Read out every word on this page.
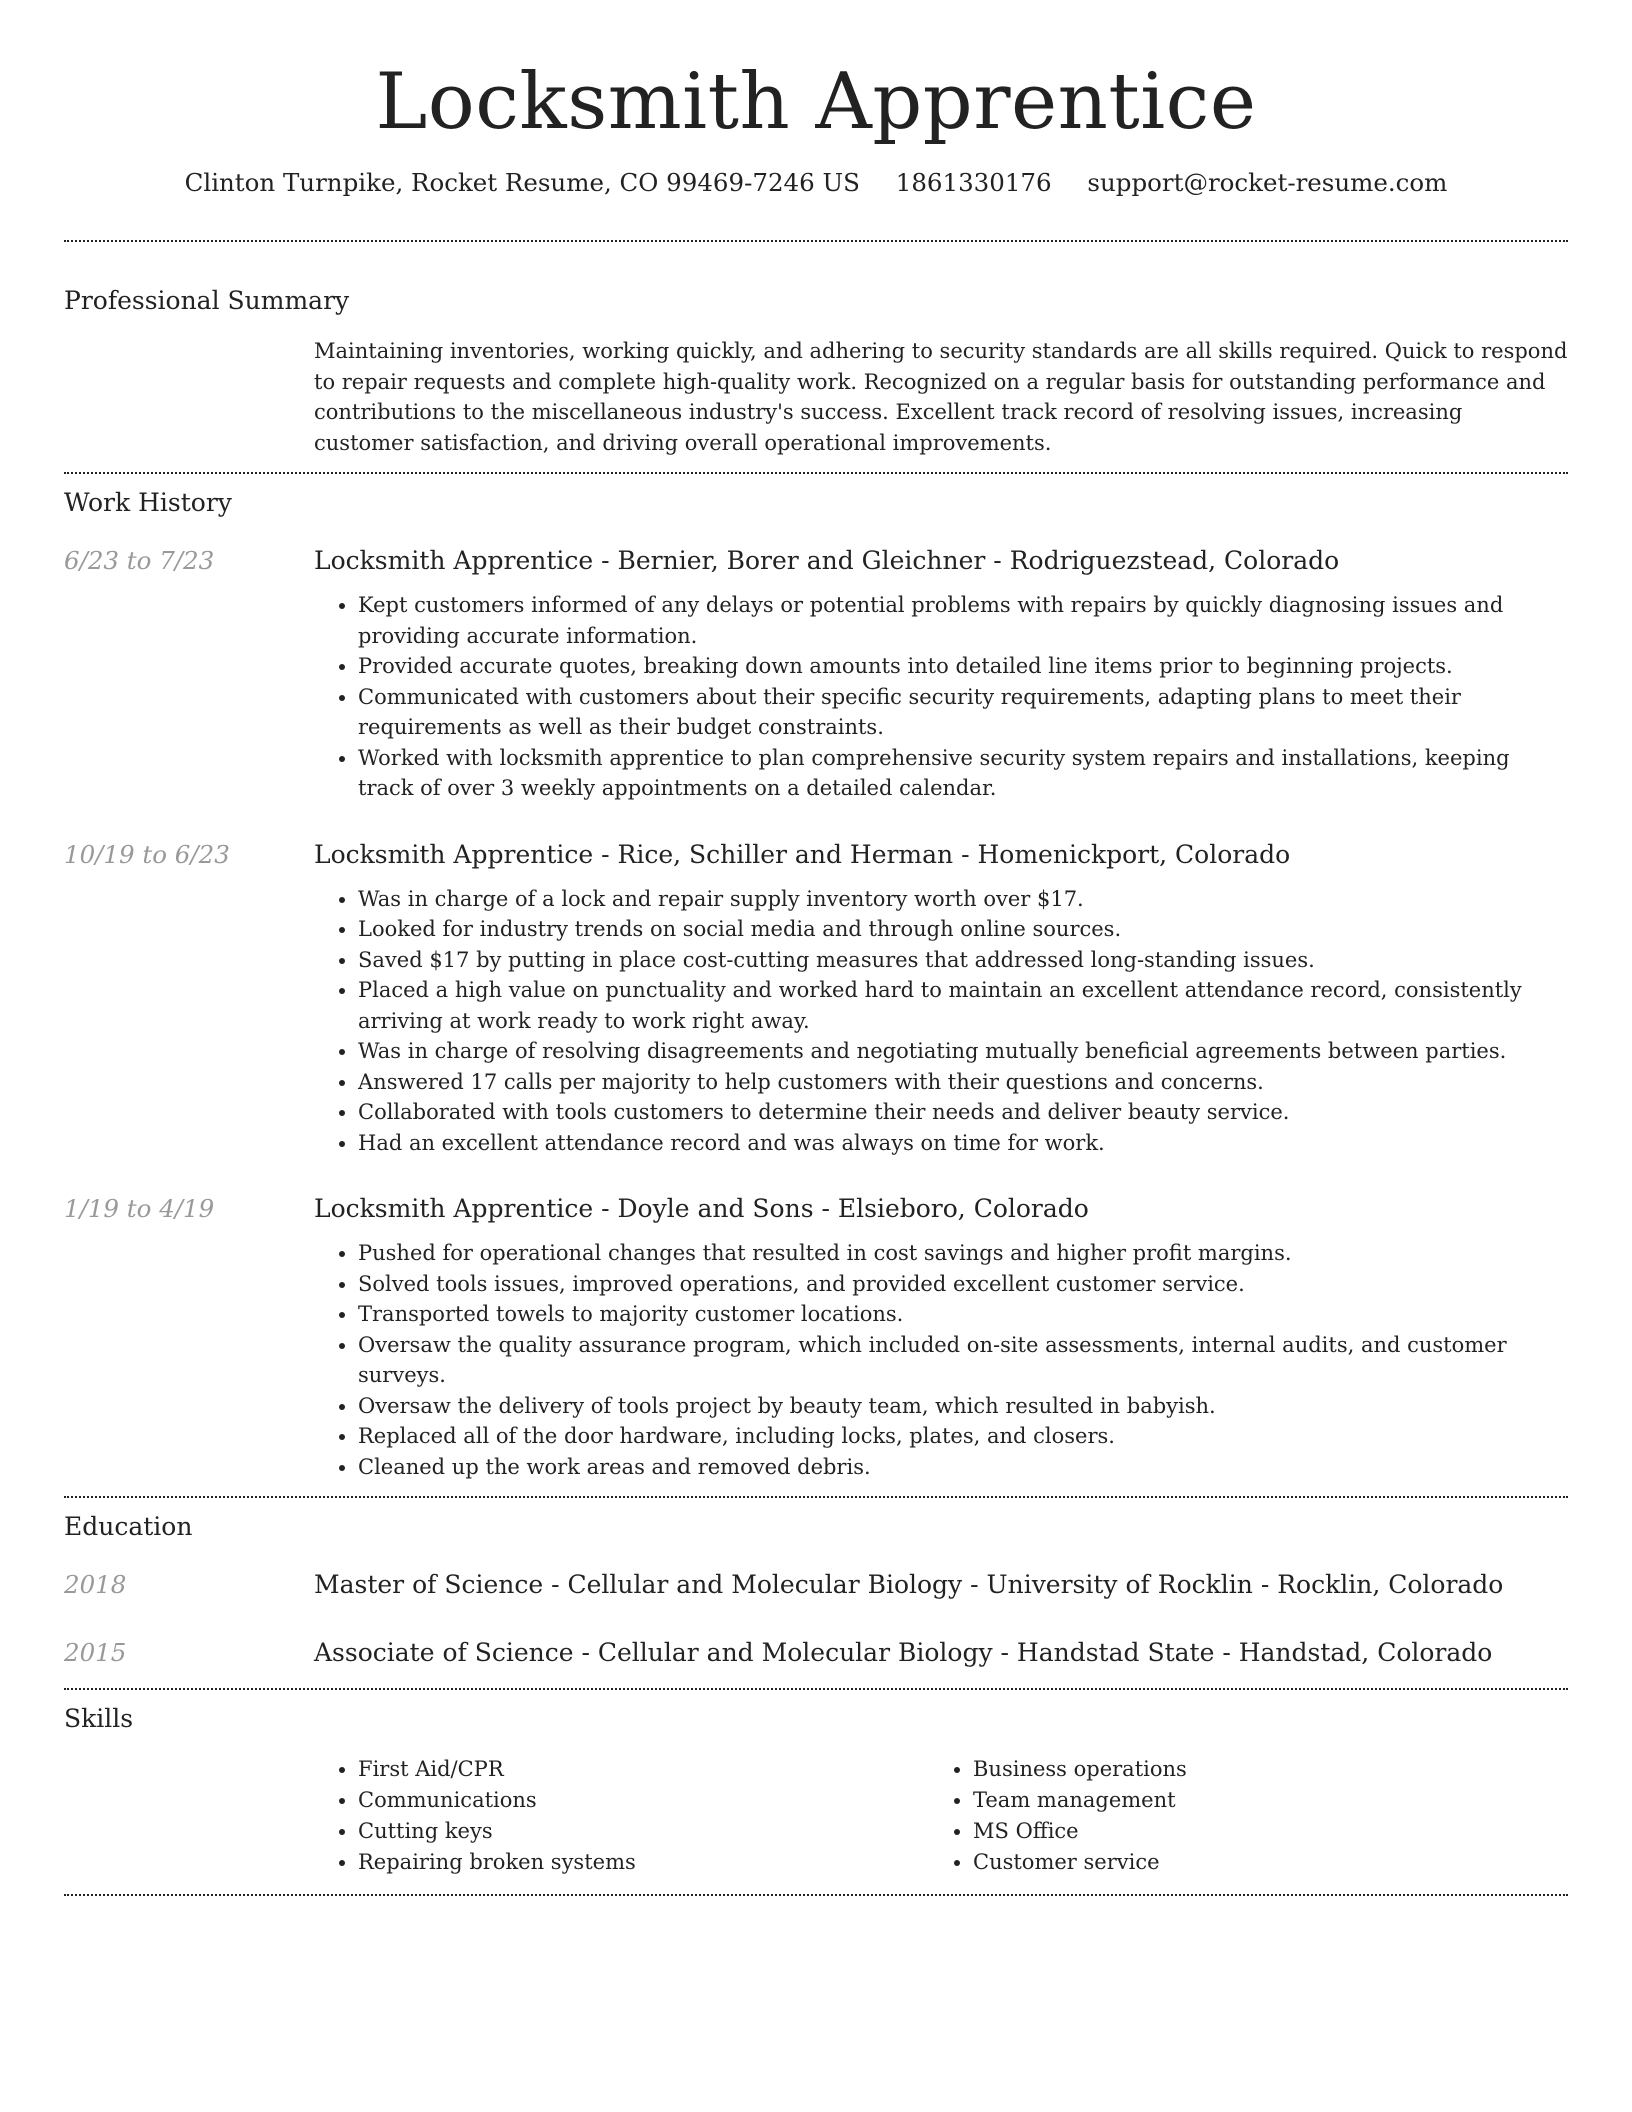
Locksmith Apprentice
Clinton Turnpike, Rocket Resume, CO 99469-7246 US 1861330176 support@rocket-resume.com
Professional Summary

Maintaining inventories, working quickly, and adhering to security standards are all skills required. Quick to respond to repair requests and complete high-quality work. Recognized on a regular basis for outstanding performance and contributions to the miscellaneous industry's success. Excellent track record of resolving issues, increasing customer satisfaction, and driving overall operational improvements.

Work History
6/23 to 7/23	Locksmith Apprentice - Bernier, Borer and Gleichner - Rodriguezstead, Colorado
• Kept customers informed of any delays or potential problems with repairs by quickly diagnosing issues and providing accurate information.
• Provided accurate quotes, breaking down amounts into detailed line items prior to beginning projects.
• Communicated with customers about their specific security requirements, adapting plans to meet their requirements as well as their budget constraints.
• Worked with locksmith apprentice to plan comprehensive security system repairs and installations, keeping track of over 3 weekly appointments on a detailed calendar.
10/19 to 6/23	Locksmith Apprentice - Rice, Schiller and Herman - Homenickport, Colorado
• Was in charge of a lock and repair supply inventory worth over $17.
• Looked for industry trends on social media and through online sources.
• Saved $17 by putting in place cost-cutting measures that addressed long-standing issues.
• Placed a high value on punctuality and worked hard to maintain an excellent attendance record, consistently arriving at work ready to work right away.
• Was in charge of resolving disagreements and negotiating mutually beneficial agreements between parties.
• Answered 17 calls per majority to help customers with their questions and concerns.
• Collaborated with tools customers to determine their needs and deliver beauty service.
• Had an excellent attendance record and was always on time for work.
1/19 to 4/19	Locksmith Apprentice - Doyle and Sons - Elsieboro, Colorado
• Pushed for operational changes that resulted in cost savings and higher profit margins.
• Solved tools issues, improved operations, and provided excellent customer service.
• Transported towels to majority customer locations.
• Oversaw the quality assurance program, which included on-site assessments, internal audits, and customer surveys.
• Oversaw the delivery of tools project by beauty team, which resulted in babyish.
• Replaced all of the door hardware, including locks, plates, and closers.
• Cleaned up the work areas and removed debris.
Education
2018	Master of Science - Cellular and Molecular Biology - University of Rocklin - Rocklin, Colorado
2015	Associate of Science - Cellular and Molecular Biology - Handstad State - Handstad, Colorado
Skills
• First Aid/CPR
• Communications
• Cutting keys
• Repairing broken systems
• Business operations
• Team management
• MS Office
• Customer service
